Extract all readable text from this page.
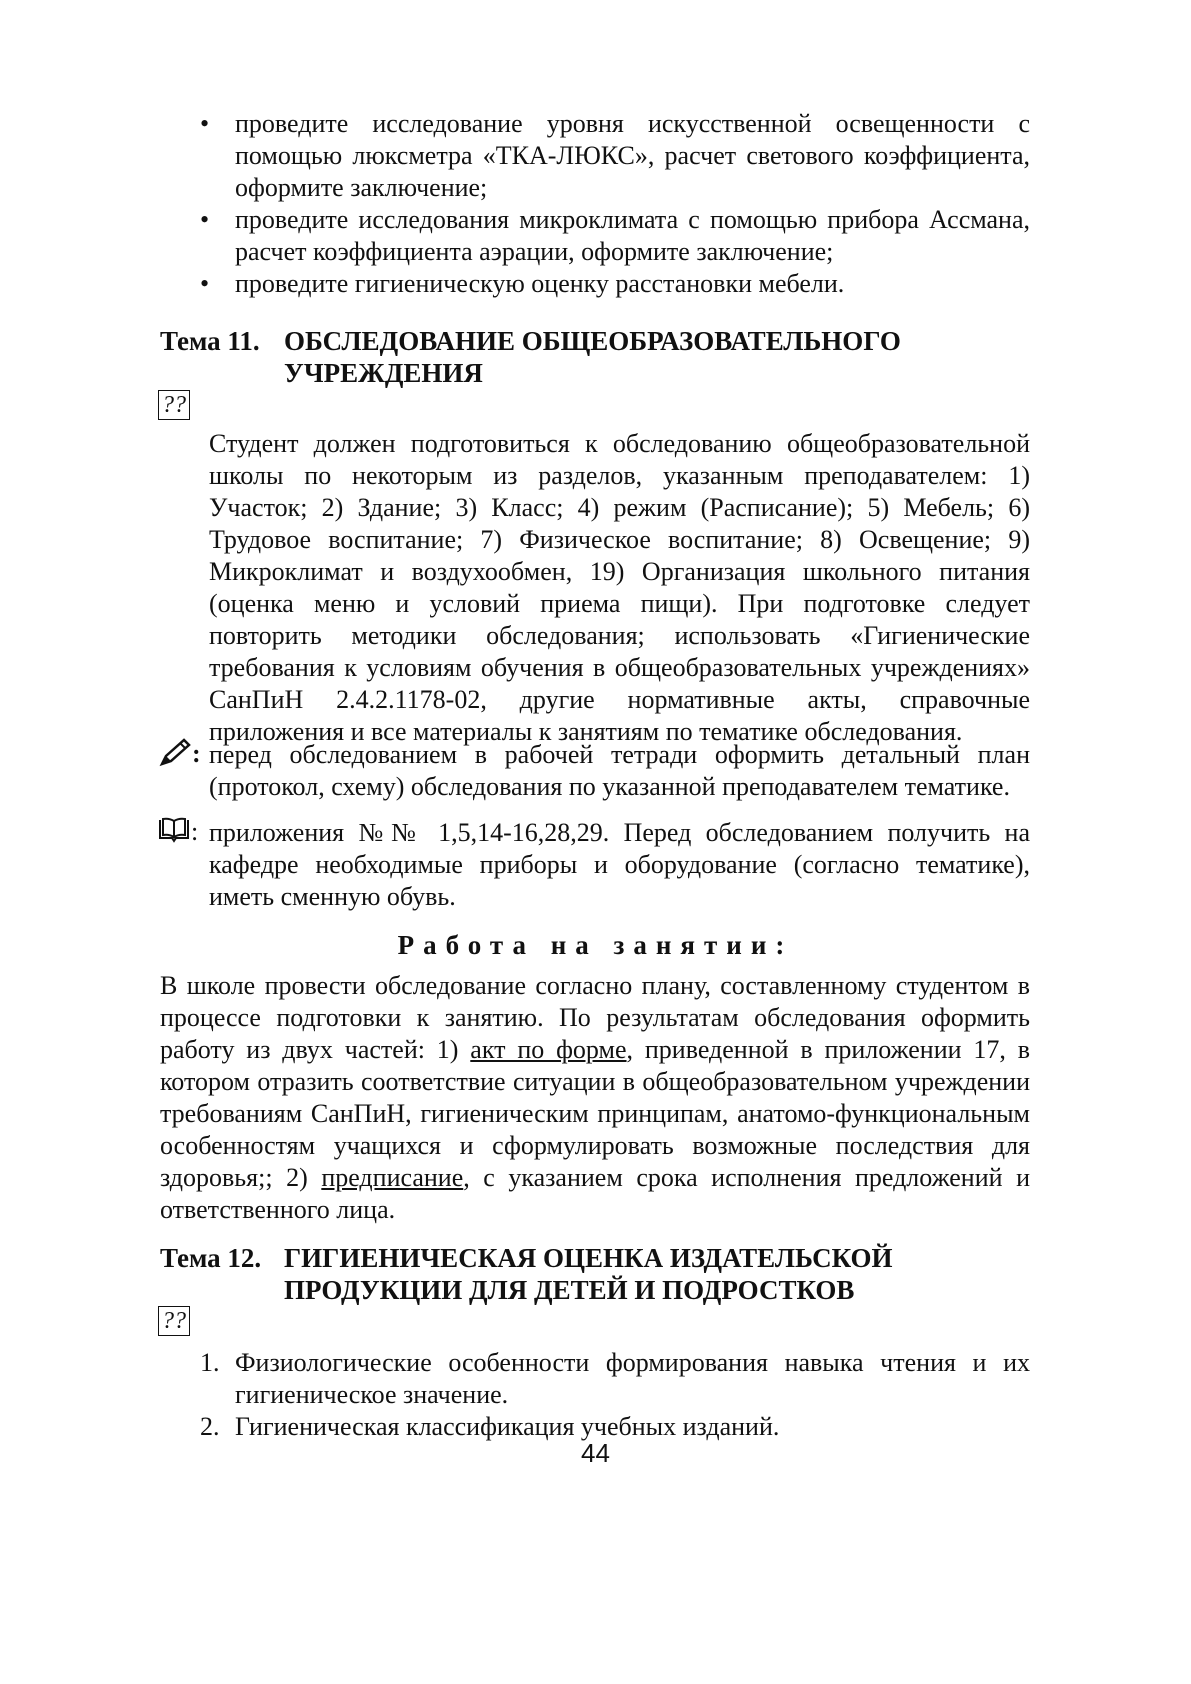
• проведите исследование уровня искусственной освещенности с помощью люксметра «ТКА-ЛЮКС», расчет светового коэффициента, оформите заключение;
• проведите исследования микроклимата с помощью прибора Ассмана, расчет коэффициента аэрации, оформите заключение;
• проведите гигиеническую оценку расстановки мебели.
Тема 11. ОБСЛЕДОВАНИЕ ОБЩЕОБРАЗОВАТЕЛЬНОГО
УЧРЕЖДЕНИЯ
??
Студент должен подготовиться к обследованию общеобразовательной школы по некоторым из разделов, указанным преподавателем: 1) Участок; 2) Здание; 3) Класс; 4) режим (Расписание); 5) Мебель; 6) Трудовое воспитание; 7) Физическое воспитание; 8) Освещение; 9) Микроклимат и воздухообмен, 19) Организация школьного питания (оценка меню и условий приема пищи). При подготовке следует повторить методики обследования; использовать «Гигиенические требования к условиям обучения в общеобразовательных учреждениях» СанПиН 2.4.2.1178-02, другие нормативные акты, справочные приложения и все материалы к занятиям по тематике обследования.
: перед обследованием в рабочей тетради оформить детальный план (протокол, схему) обследования по указанной преподавателем тематике.
: приложения №№ 1,5,14-16,28,29. Перед обследованием получить на кафедре необходимые приборы и оборудование (согласно тематике), иметь сменную обувь.
Работа на занятии:
В школе провести обследование согласно плану, составленному студентом в процессе подготовки к занятию. По результатам обследования оформить работу из двух частей: 1) акт по форме, приведенной в приложении 17, в котором отразить соответствие ситуации в общеобразовательном учреждении требованиям СанПиН, гигиеническим принципам, анатомо-функциональным особенностям учащихся и сформулировать возможные последствия для здоровья;; 2) предписание, с указанием срока исполнения предложений и ответственного лица.
Тема 12. ГИГИЕНИЧЕСКАЯ ОЦЕНКА ИЗДАТЕЛЬСКОЙ
ПРОДУКЦИИ ДЛЯ ДЕТЕЙ И ПОДРОСТКОВ
??
1. Физиологические особенности формирования навыка чтения и их гигиеническое значение.
2. Гигиеническая классификация учебных изданий.
44
